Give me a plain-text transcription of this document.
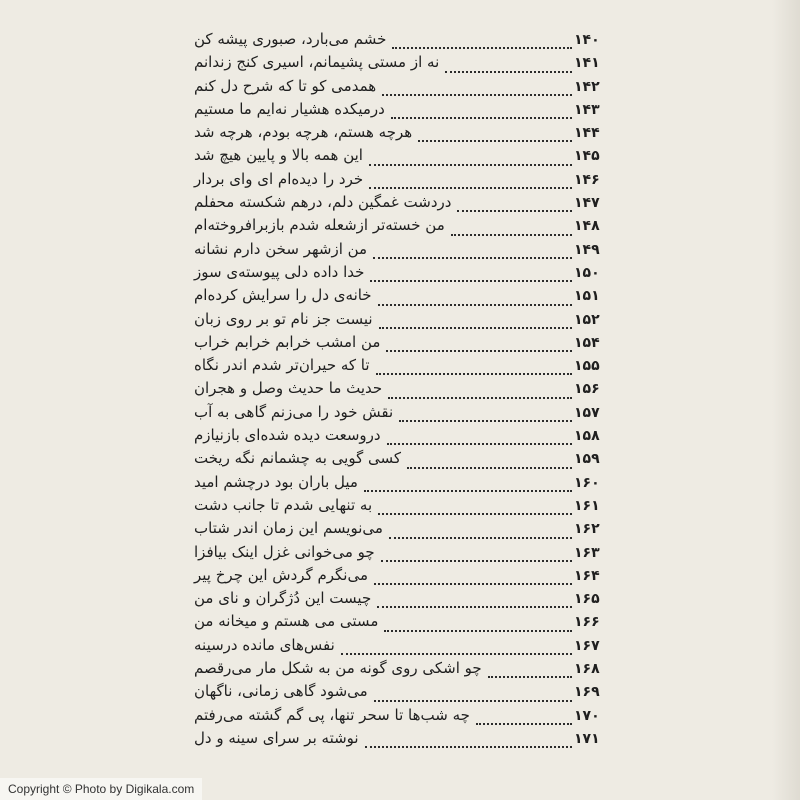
خشم می‌بارد، صبوری پیشه کن	۱۴۰
نه از مستی پشیمانم، اسیری کنج زندانم	۱۴۱
همدمی کو تا که شرح دل کنم	۱۴۲
درمیکده هشیار نه‌ایم ما مستیم	۱۴۳
هرچه هستم، هرچه بودم، هرچه شد	۱۴۴
این همه بالا و پایین هیچ شد	۱۴۵
خرد را دیده‌ام ای وای بردار	۱۴۶
دردشت غمگین دلم، درهم شکسته محفلم	۱۴۷
من خسته‌تر ازشعله شدم بازبرافروخته‌ام	۱۴۸
من ازشهر سخن دارم نشانه	۱۴۹
خدا داده دلی پیوسته‌ی سوز	۱۵۰
خانه‌ی دل را سرایش کرده‌ام	۱۵۱
نیست جز نام تو بر روی زبان	۱۵۲
من امشب خرابم خرابم خراب	۱۵۴
تا که حیران‌تر شدم اندر نگاه	۱۵۵
حدیث ما حدیث وصل و هجران	۱۵۶
نقش خود را می‌زنم گاهی به آب	۱۵۷
دروسعت دیده شده‌ای بازنیازم	۱۵۸
کسی گویی به چشمانم نگه ریخت	۱۵۹
میل باران بود درچشم امید	۱۶۰
به تنهایی شدم تا جانب دشت	۱۶۱
می‌نویسم این زمان اندر شتاب	۱۶۲
چو می‌خوانی غزل اینک بیافزا	۱۶۳
می‌نگرم گردش این چرخ پیر	۱۶۴
چیست این دُژگران و نای من	۱۶۵
مستی می هستم و میخانه من	۱۶۶
نفس‌های مانده درسینه	۱۶۷
چو اشکی روی گونه من به شکل مار می‌رقصم	۱۶۸
می‌شود گاهی زمانی، ناگهان	۱۶۹
چه شب‌ها تا سحر تنها، پی گم گشته می‌رفتم	۱۷۰
نوشته بر سرای سینه و دل	۱۷۱
Copyright © Photo by Digikala.com
